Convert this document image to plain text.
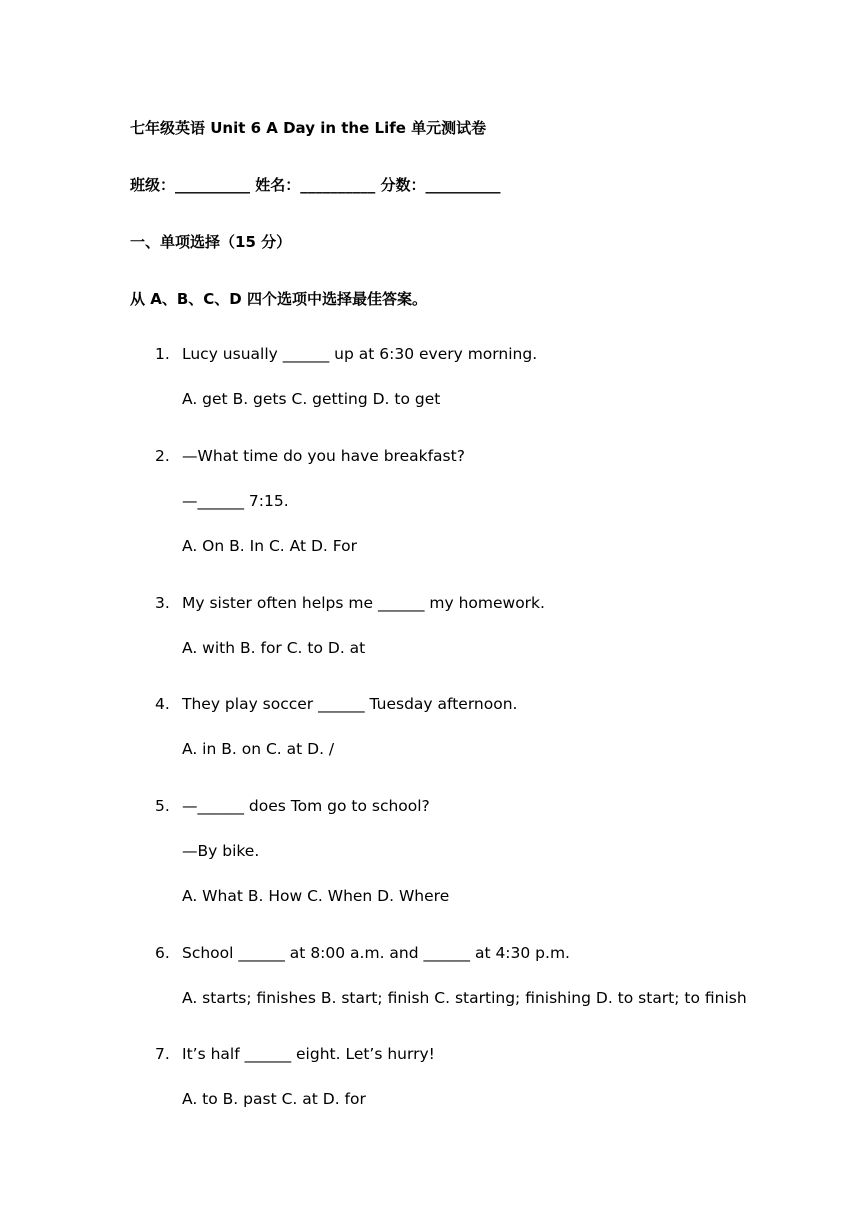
七年级英语 Unit 6 A Day in the Life 单元测试卷
班级：__________ 姓名：__________ 分数：__________
一、单项选择（15 分）
从 A、B、C、D 四个选项中选择最佳答案。
1. Lucy usually ______ up at 6:30 every morning.
A. get B. gets C. getting D. to get
2. —What time do you have breakfast?
—______ 7:15.
A. On B. In C. At D. For
3. My sister often helps me ______ my homework.
A. with B. for C. to D. at
4. They play soccer ______ Tuesday afternoon.
A. in B. on C. at D. /
5. —______ does Tom go to school?
—By bike.
A. What B. How C. When D. Where
6. School ______ at 8:00 a.m. and ______ at 4:30 p.m.
A. starts; finishes B. start; finish C. starting; finishing D. to start; to finish
7. It’s half ______ eight. Let’s hurry!
A. to B. past C. at D. for
